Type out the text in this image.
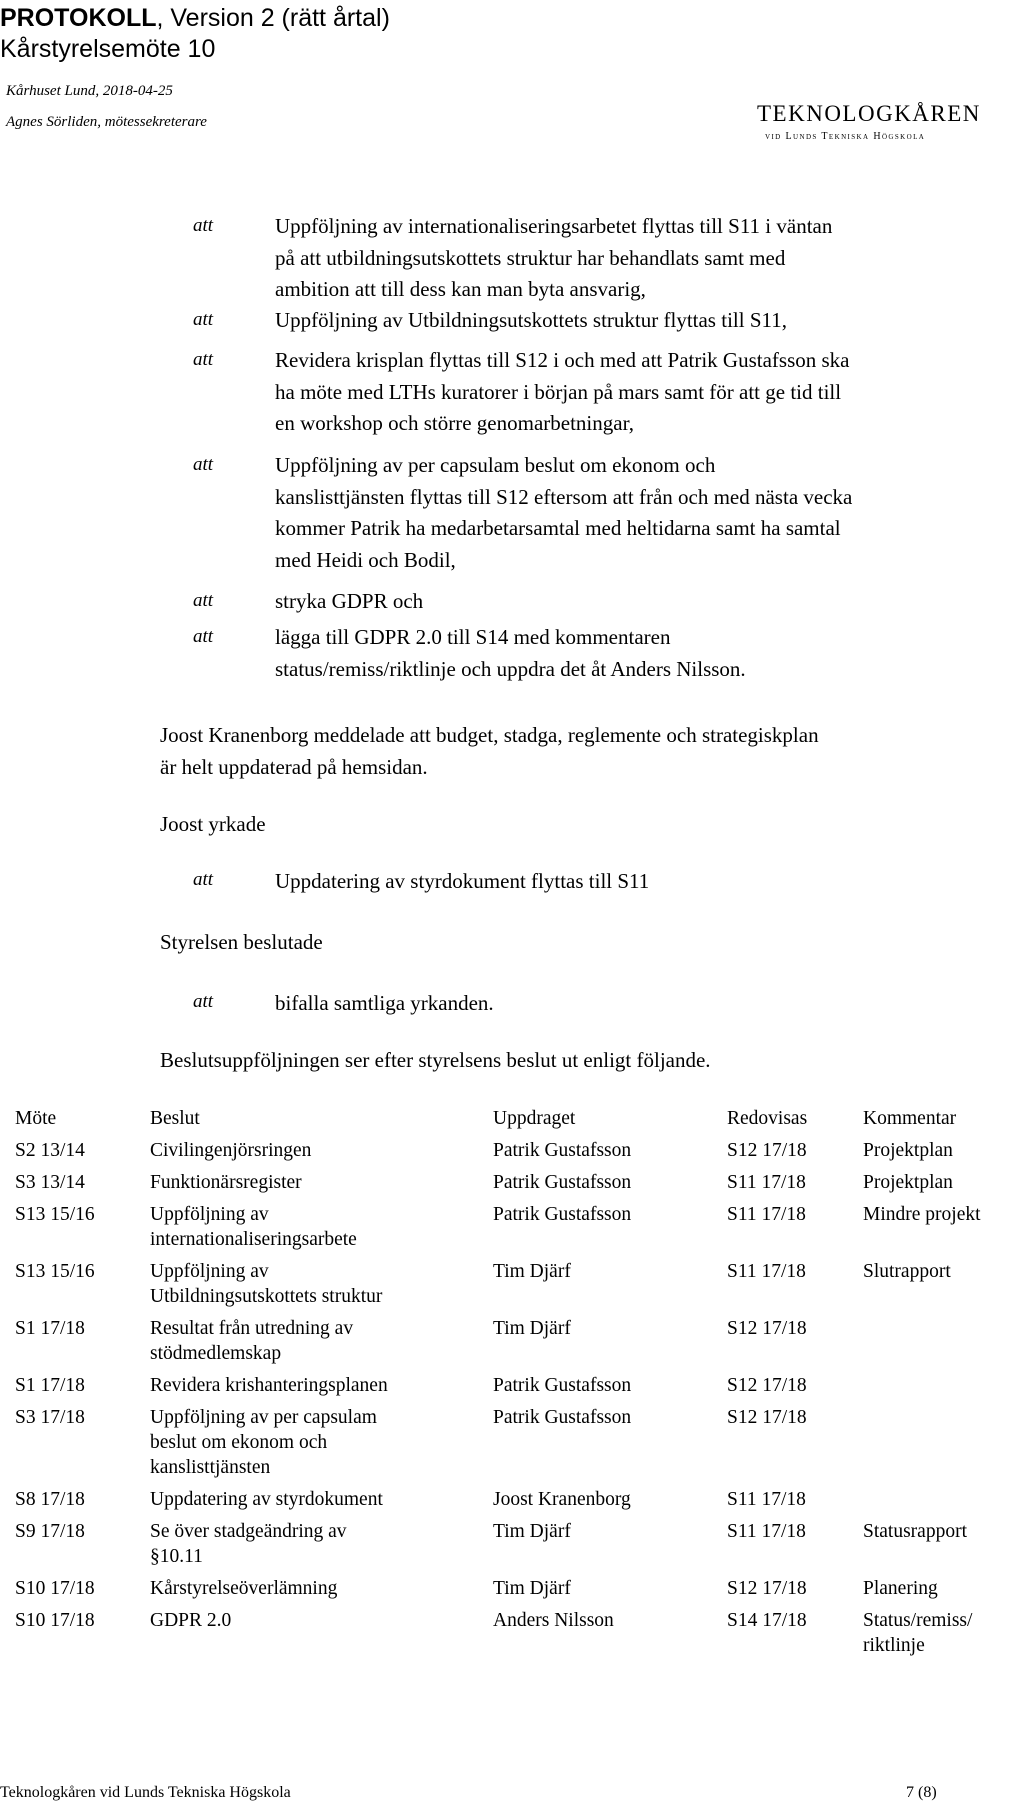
PROTOKOLL, Version 2 (rätt årtal)
Kårstyrelsemöte 10
Kårhuset Lund, 2018-04-25
Agnes Sörliden, mötessekreterare	TEKNOLOGKÅREN
vid Lunds Tekniska Högskola
att	Uppföljning av internationaliseringsarbetet flyttas till S11 i väntan
på att utbildningsutskottets struktur har behandlats samt med
ambition att till dess kan man byta ansvarig,
att	Uppföljning av Utbildningsutskottets struktur flyttas till S11,
att	Revidera krisplan flyttas till S12 i och med att Patrik Gustafsson ska
ha möte med LTHs kuratorer i början på mars samt för att ge tid till
en workshop och större genomarbetningar,
att	Uppföljning av per capsulam beslut om ekonom och
kanslisttjänsten flyttas till S12 eftersom att från och med nästa vecka
kommer Patrik ha medarbetarsamtal med heltidarna samt ha samtal
med Heidi och Bodil,
att	stryka GDPR och
att	lägga till GDPR 2.0 till S14 med kommentaren
status/remiss/riktlinje och uppdra det åt Anders Nilsson.
Joost Kranenborg meddelade att budget, stadga, reglemente och strategiskplan
är helt uppdaterad på hemsidan.
Joost yrkade
att	Uppdatering av styrdokument flyttas till S11
Styrelsen beslutade
att	bifalla samtliga yrkanden.
Beslutsuppföljningen ser efter styrelsens beslut ut enligt följande.
Möte	Beslut	Uppdraget	Redovisas	Kommentar
S2 13/14	Civilingenjörsringen	Patrik Gustafsson	S12 17/18	Projektplan

S3 13/14	Funktionärsregister	Patrik Gustafsson	S11 17/18	Projektplan

S13 15/16	Uppföljning av internationaliseringsarbete	Patrik Gustafsson	S11 17/18	Mindre projekt

S13 15/16	Uppföljning av Utbildningsutskottets struktur	Tim Djärf	S11 17/18	Slutrapport

S1 17/18	Resultat från utredning av stödmedlemskap	Tim Djärf	S12 17/18	

S1 17/18	Revidera krishanteringsplanen	Patrik Gustafsson	S12 17/18	

S3 17/18	Uppföljning av per capsulam beslut om ekonom och kanslisttjänsten	Patrik Gustafsson	S12 17/18	

S8 17/18	Uppdatering av styrdokument	Joost Kranenborg	S11 17/18	

S9 17/18	Se över stadgeändring av §10.11	Tim Djärf	S11 17/18	Statusrapport

S10 17/18	Kårstyrelseöverlämning	Tim Djärf	S12 17/18	Planering

S10 17/18	GDPR 2.0	Anders Nilsson	S14 17/18	Status/remiss/ riktlinje
Teknologkåren vid Lunds Tekniska Högskola	7 (8)
